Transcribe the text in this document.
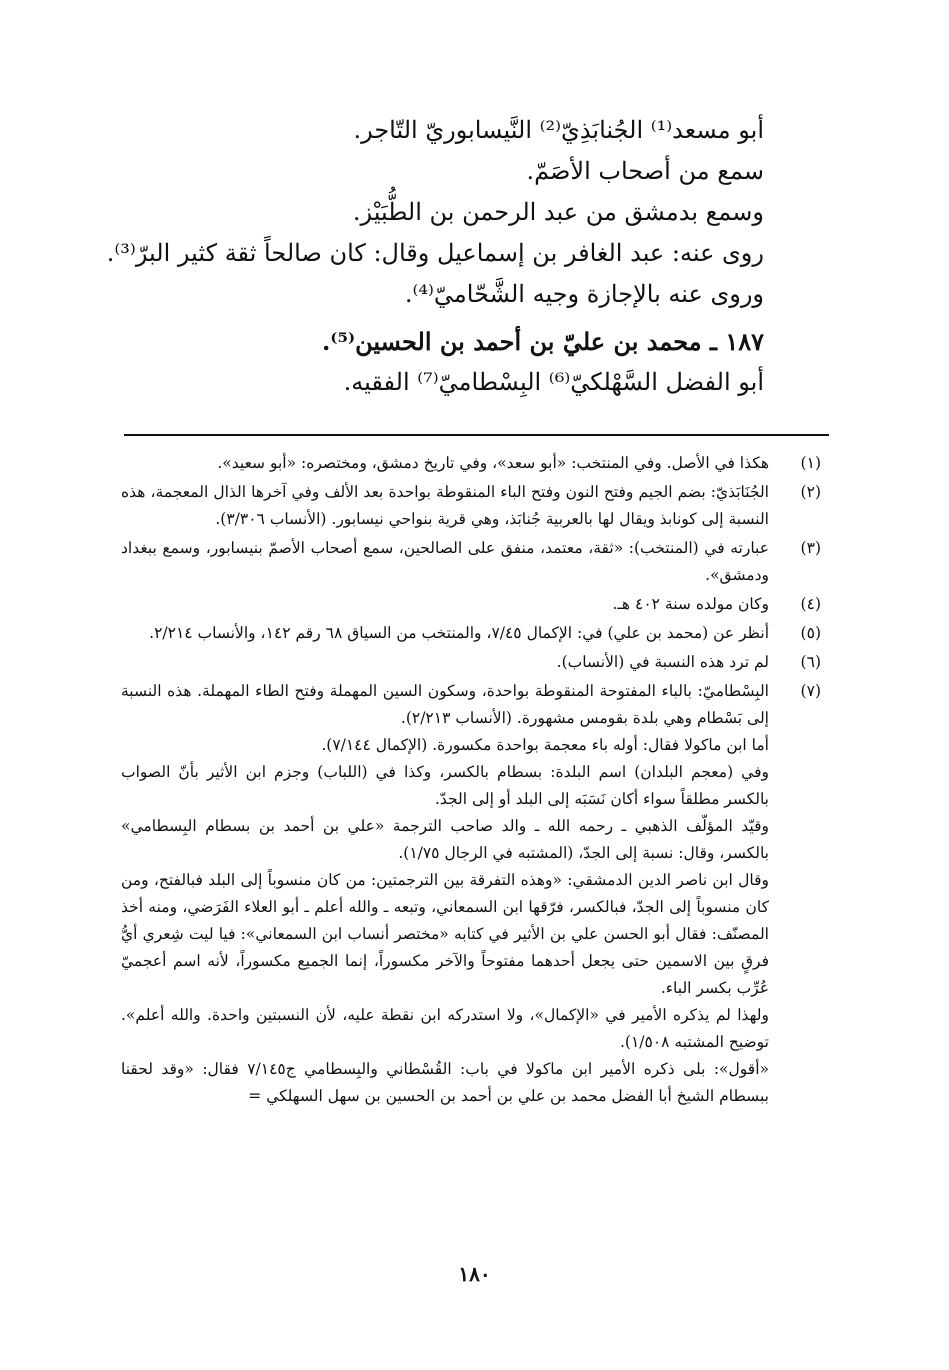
أبو مسعد⁽¹⁾ الجُنابَذِيّ⁽²⁾ النَّيسابوريّ التّاجر.
سمع من أصحاب الأصَمّ.
وسمع بدمشق من عبد الرحمن بن الطُّبَيْز.
روى عنه: عبد الغافر بن إسماعيل وقال: كان صالحاً ثقة كثير البرّ⁽³⁾.
وروى عنه بالإجازة وجيه الشَّحّاميّ⁽⁴⁾.
١٨٧ ـ محمد بن عليّ بن أحمد بن الحسين⁽⁵⁾.
أبو الفضل السَّهْلكيّ⁽⁶⁾ البِسْطاميّ⁽⁷⁾ الفقيه.
(١)
هكذا في الأصل. وفي المنتخب: «أبو سعد»، وفي تاريخ دمشق، ومختصره: «أبو سعيد».
(٢)
الجُنَابَذيّ: بضم الجيم وفتح النون وفتح الباء المنقوطة بواحدة بعد الألف وفي آخرها الذال المعجمة، هذه النسبة إلى كونابذ ويقال لها بالعربية جُنابَذ، وهي قرية بنواحي نيسابور. (الأنساب ٣/٣٠٦).
(٣)
عبارته في (المنتخب): «ثقة، معتمد، منفق على الصالحين، سمع أصحاب الأصمّ بنيسابور، وسمع ببغداد ودمشق».
(٤)
وكان مولده سنة ٤٠٢ هـ.
(٥)
أنظر عن (محمد بن علي) في: الإكمال ٧/٤٥، والمنتخب من السياق ٦٨ رقم ١٤٢، والأنساب ٢/٢١٤.
(٦)
لم ترد هذه النسبة في (الأنساب).
(٧)
البِسْطاميّ: بالباء المفتوحة المنقوطة بواحدة، وسكون السين المهملة وفتح الطاء المهملة. هذه النسبة إلى بَسْطام وهي بلدة بقومس مشهورة. (الأنساب ٢/٢١٣).
أما ابن ماكولا فقال: أوله باء معجمة بواحدة مكسورة. (الإكمال ٧/١٤٤).
وفي (معجم البلدان) اسم البلدة: بسطام بالكسر، وكذا في (اللباب) وجزم ابن الأثير بأنّ الصواب بالكسر مطلقاً سواء أكان نَسَبَه إلى البلد أو إلى الجدّ.
وقيّد المؤلّف الذهبي ـ رحمه الله ـ والد صاحب الترجمة «علي بن أحمد بن بسطام البِسطامي» بالكسر، وقال: نسبة إلى الجدّ، (المشتبه في الرجال ١/٧٥).
وقال ابن ناصر الدين الدمشقي: «وهذه التفرقة بين الترجمتين: من كان منسوباً إلى البلد فبالفتح، ومن كان منسوباً إلى الجدّ، فبالكسر، فرّقها ابن السمعاني، وتبعه ـ والله أعلم ـ أبو العلاء الفَرَضي، ومنه أخذ المصنّف: فقال أبو الحسن علي بن الأثير في كتابه «مختصر أنساب ابن السمعاني»: فيا ليت شِعري أيُّ فرقٍ بين الاسمين حتى يجعل أحدهما مفتوحاً والآخر مكسوراً، إنما الجميع مكسوراً، لأنه اسم أعجميّ عُرِّب بكسر الباء.
ولهذا لم يذكره الأمير في «الإكمال»، ولا استدركه ابن نقطة عليه، لأن النسبتين واحدة. والله أعلم». توضيح المشتبه ١/٥٠٨).
«أقول»: بلى ذكره الأمير ابن ماكولا في باب: القُسْطاني والبِسطامي ج٧/١٤٥ فقال: «وقد لحقنا ببسطام الشيخ أبا الفضل محمد بن علي بن أحمد بن الحسين بن سهل السهلكي =
١٨٠
